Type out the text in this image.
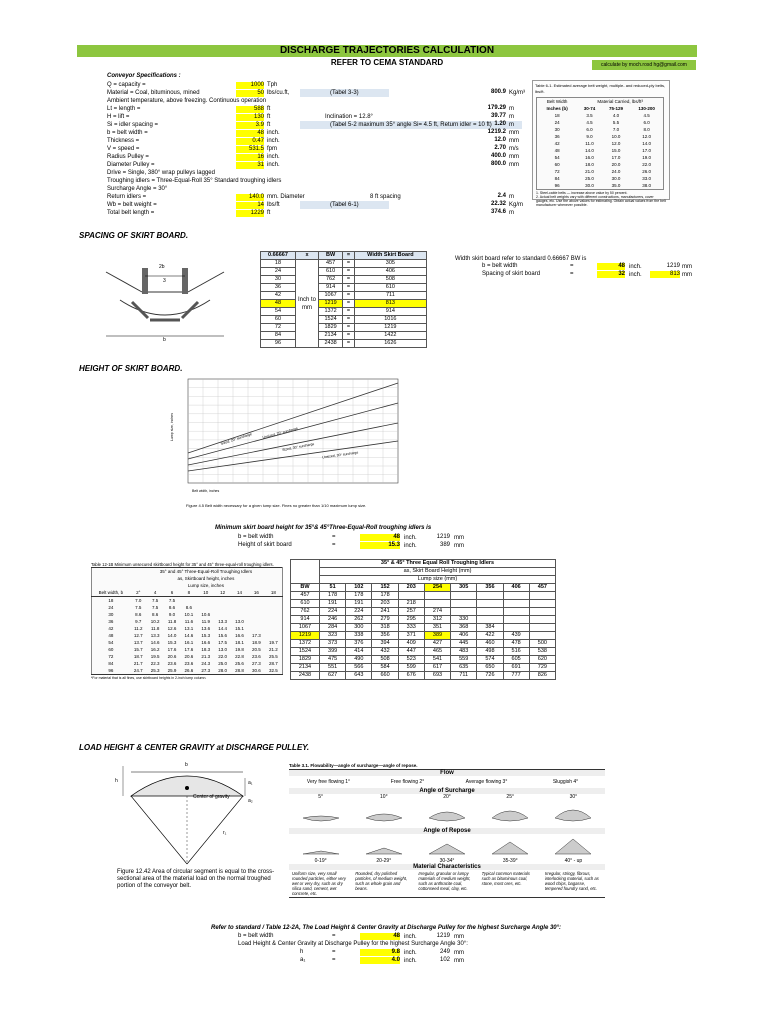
DISCHARGE TRAJECTORIES CALCULATION
REFER TO CEMA STANDARD	calculate by moch.rosd hg@gmail.com
Conveyor Specifications :
Q = capacity =	1000 Tph
Material = Coal, bituminous, mined	50 lbs/cu.ft,	(Tabel 3-3)	800.9 Kg/m³
Ambient temperature, above freezing. Continuous operation
Lt = length =	588 ft	179.29 m
H = lift =	130 ft	Inclination = 12.8°	39.77 m
Si = idler spacing =	3.9 ft	(Tabel 5-2 maximum 35° angle Si= 4.5 ft, Return idler = 10 ft) 1.20 m
b = belt width =	48 inch.	1219.2 mm
Thickness =	0.47 inch.	12.0 mm
V = speed =	531.5 fpm	2.70 m/s
Radius Pulley =	16 inch.	400.0 mm
Diameter Pulley =	31 inch.	800.0 mm
Drive = Single, 380° wrap pulleys lagged
Troughing idlers = Three-Equal-Roll 35° Standard troughing idlers
Surcharge Angle = 30°
Return idlers =	140.0 mm. Diameter	8 ft spacing	2.4 m
Wb = belt weight =	14 lbs/ft	(Tabel 6-1)	22.32 Kg/m
Total belt length =	1229 ft	374.6 m
Table 6-1. Estimated average belt weight, multiple- and reduced-ply belts, lbs/ft.
Belt Width	Material Carried, lbs/ft³		
Inches (b)	30-74	75-129	130-200
18	3.5	4.0	4.5
24	4.5	5.5	6.0
30	6.0	7.0	8.0
36	9.0	10.0	12.0
42	11.0	12.0	14.0
48	14.0	15.0	17.0
54	16.0	17.0	19.0
60	18.0	20.0	22.0
72	21.0	24.0	26.0
84	25.0	30.0	33.0
96	30.0	35.0	38.0
1. Steel-cable belts — increase above value by 50 percent.
2. Actual belt weights vary with different constructions, manufacturers, cover gauges, etc. Use the above values for estimating. Obtain actual values from the belt manufacturer whenever possible.
SPACING OF SKIRT BOARD.
2b
3
b
0.66667	x	BW	=	Width Skirt Board
18	Inch to mm	457	=	305
24		610	=	406
30		762	=	508
36		914	=	610
42		1067	=	711
48		1219	=	813
54		1372	=	914
60		1524	=	1016
72		1829	=	1219
84		2134	=	1422
96		2438	=	1626
Width skirt board refer to standard 0.66667 BW is
b = belt width	=	48 inch.	1219 mm
Spacing of skirt board	=	32 inch.	813 mm
HEIGHT OF SKIRT BOARD.
Sized, 20° surcharge	Unsized, 20° surcharge
Sized, 30° surcharge
Unsized, 30° surcharge
Lump size, inches
Belt width, inches
Figure 4.5 Belt width necessary for a given lump size. Fines no greater than 1/10 maximum lump size.
Minimum skirt board height for 35°& 45°Three-Equal-Roll troughing idlers is
b = belt width	=	48 inch.	1219 mm
Height of skirt board	=	15.3 inch.	389 mm
Table 12-1B Minimum unsecured skirtboard height for 35° and 45° three-equal-roll troughing idlers.
	35° and 45° Three-Equal-Roll Troughing Idlers								
	as, Skirtboard height, inches								
	Lump size, inches								
Belt width, b	2°	4	6	8	10	12	14	16	18
18	7.0	7.5	7.5						
24	7.5	7.5	8.6	8.6					
30	8.6	8.6	9.0	10.1	10.6				
36	9.7	10.2	11.8	11.6	11.9	13.3	13.0		
42	11.2	11.8	12.6	13.1	13.6	14.4	15.1		
48	12.7	13.3	14.0	14.6	15.3	15.6	16.6	17.3	
54	13.7	14.6	15.3	16.1	16.6	17.5	18.1	18.9	19.7
60	15.7	16.2	17.6	17.6	18.3	13.0	19.8	20.5	21.2
72	18.7	19.5	20.6	20.6	21.3	22.0	22.8	23.6	25.5
84	21.7	22.3	23.6	23.6	24.3	25.0	25.6	27.3	28.7
96	24.7	25.3	25.9	26.6	27.3	28.0	28.8	30.6	32.5
*For material that is all fines, use skirtboard heights in 2-inch lump column.
	35° & 45° Three Equal Roll Troughing Idlers								
	as, Skirt Board Height (mm)								
	Lump size (mm)								
BW	51	102	152	203	254	305	356	406	457
457	178	178	178						
610	191	191	203	218					
762	224	224	241	257	274				
914	246	262	279	295	312	330			
1067	284	300	318	333	351	368	384		
1219	323	338	356	371	389	406	422	439	
1372	373	376	394	409	427	445	460	478	500
1524	399	414	432	447	465	483	498	516	538
1829	475	490	508	523	541	559	574	605	620
2134	551	566	584	599	617	635	650	691	729
2438	627	643	660	676	693	711	726	777	826
LOAD HEIGHT & CENTER GRAVITY at DISCHARGE PULLEY.
b
h
Center of gravity
a₁
a₂
r₁
Figure 12.42 Area of circular segment is equal to the cross-sectional area of the material load on the normal troughed portion of the conveyor belt.
Table 3.1. Flowability—angle of surcharge—angle of repose.
Flow
Very free flowing 1°	Free flowing 2°	Average flowing 3°	Sluggish 4°
Angle of Surcharge
5°	10°	20°	25°	30°
Angle of Repose
0-19°	20-29°	30-34°	35-39°	40° - up
Material Characteristics
Uniform size, very small rounded particles, either very wet or very dry, such as dry silica sand, cement, wet concrete, etc.
Rounded, dry polished particles, of medium weight, such as whole grain and beans.
Irregular, granular or lumpy materials of medium weight, such as anthracite coal, cottonseed meal, clay, etc.
Typical common materials such as bituminous coal, stone, most ores, etc.
Irregular, stringy, fibrous, interlocking material, such as wood chips, bagasse, tempered foundry sand, etc.
Refer to standard / Table 12-2A, The Load Height & Center Gravity at Discharge Pulley for the highest Surcharge Angle 30°:
b = belt width	=	48 inch.	1219 mm
Load Height & Center Gravity at Discharge Pulley for the highest Surcharge Angle 30°:
h	=	9.8 inch.	249 mm
a₁	=	4.0 inch.	102 mm
